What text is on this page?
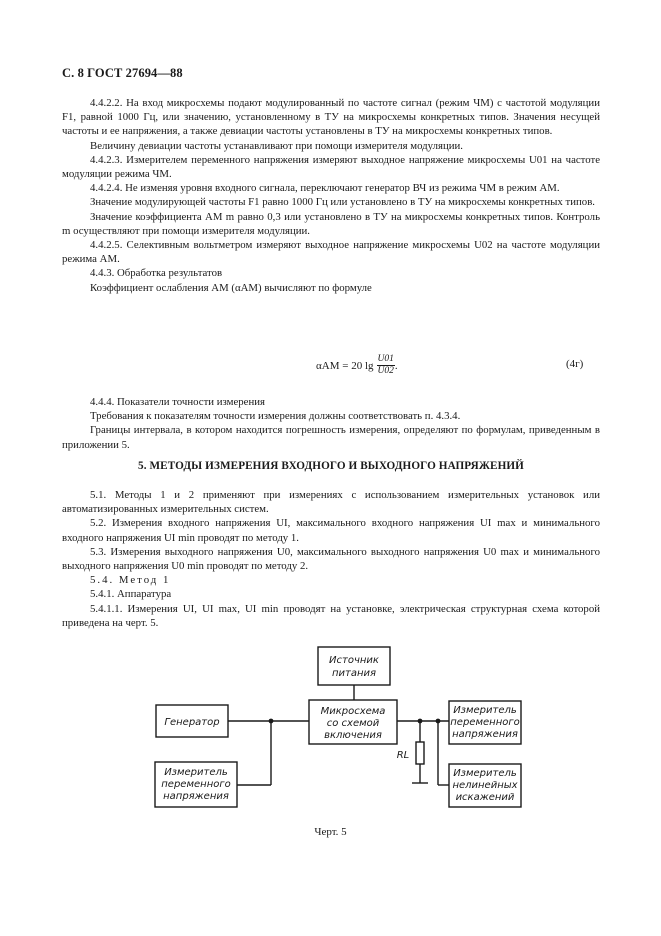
С. 8 ГОСТ 27694—88

4.4.2.2. На вход микросхемы подают модулированный по частоте сигнал (режим ЧМ) с частотой модуляции F1, равной 1000 Гц, или значению, установленному в ТУ на микросхемы конкретных типов. Значения несущей частоты и ее напряжения, а также девиации частоты установлены в ТУ на микросхемы конкретных типов.

Величину девиации частоты устанавливают при помощи измерителя модуляции.

4.4.2.3. Измерителем переменного напряжения измеряют выходное напряжение микросхемы U01 на частоте модуляции режима ЧМ.

4.4.2.4. Не изменяя уровня входного сигнала, переключают генератор ВЧ из режима ЧМ в режим АМ.

Значение модулирующей частоты F1 равно 1000 Гц или установлено в ТУ на микросхемы конкретных типов.

Значение коэффициента АМ m равно 0,3 или установлено в ТУ на микросхемы конкретных типов. Контроль m осуществляют при помощи измерителя модуляции.

4.4.2.5. Селективным вольтметром измеряют выходное напряжение микросхемы U02 на частоте модуляции режима АМ.

4.4.3. Обработка результатов

Коэффициент ослабления АМ (αАМ) вычисляют по формуле

αАМ = 20 $\lg \frac{U01}{U02}$ .	(4г)

4.4.4. Показатели точности измерения

Требования к показателям точности измерения должны соответствовать п. 4.3.4.

Границы интервала, в котором находится погрешность измерения, определяют по формулам, приведенным в приложении 5.

5. МЕТОДЫ ИЗМЕРЕНИЯ ВХОДНОГО И ВЫХОДНОГО НАПРЯЖЕНИЙ

5.1. Методы 1 и 2 применяют при измерениях с использованием измерительных установок или автоматизированных измерительных систем.

5.2. Измерения входного напряжения UI, максимального входного напряжения UI max и минимального входного напряжения UI min проводят по методу 1.

5.3. Измерения выходного напряжения U0, максимального выходного напряжения U0 max и минимального выходного напряжения U0 min проводят по методу 2.

5.4. Метод 1

5.4.1. Аппаратура

5.4.1.1. Измерения UI, UI max, UI min проводят на установке, электрическая структурная схема которой приведена на черт. 5.

Источник
питания
Генератор
Микросхема
со схемой
включения
Измеритель
переменного
напряжения
Измеритель
переменного
напряжения
Измеритель
нелинейных
искажений
RL
Черт. 5
